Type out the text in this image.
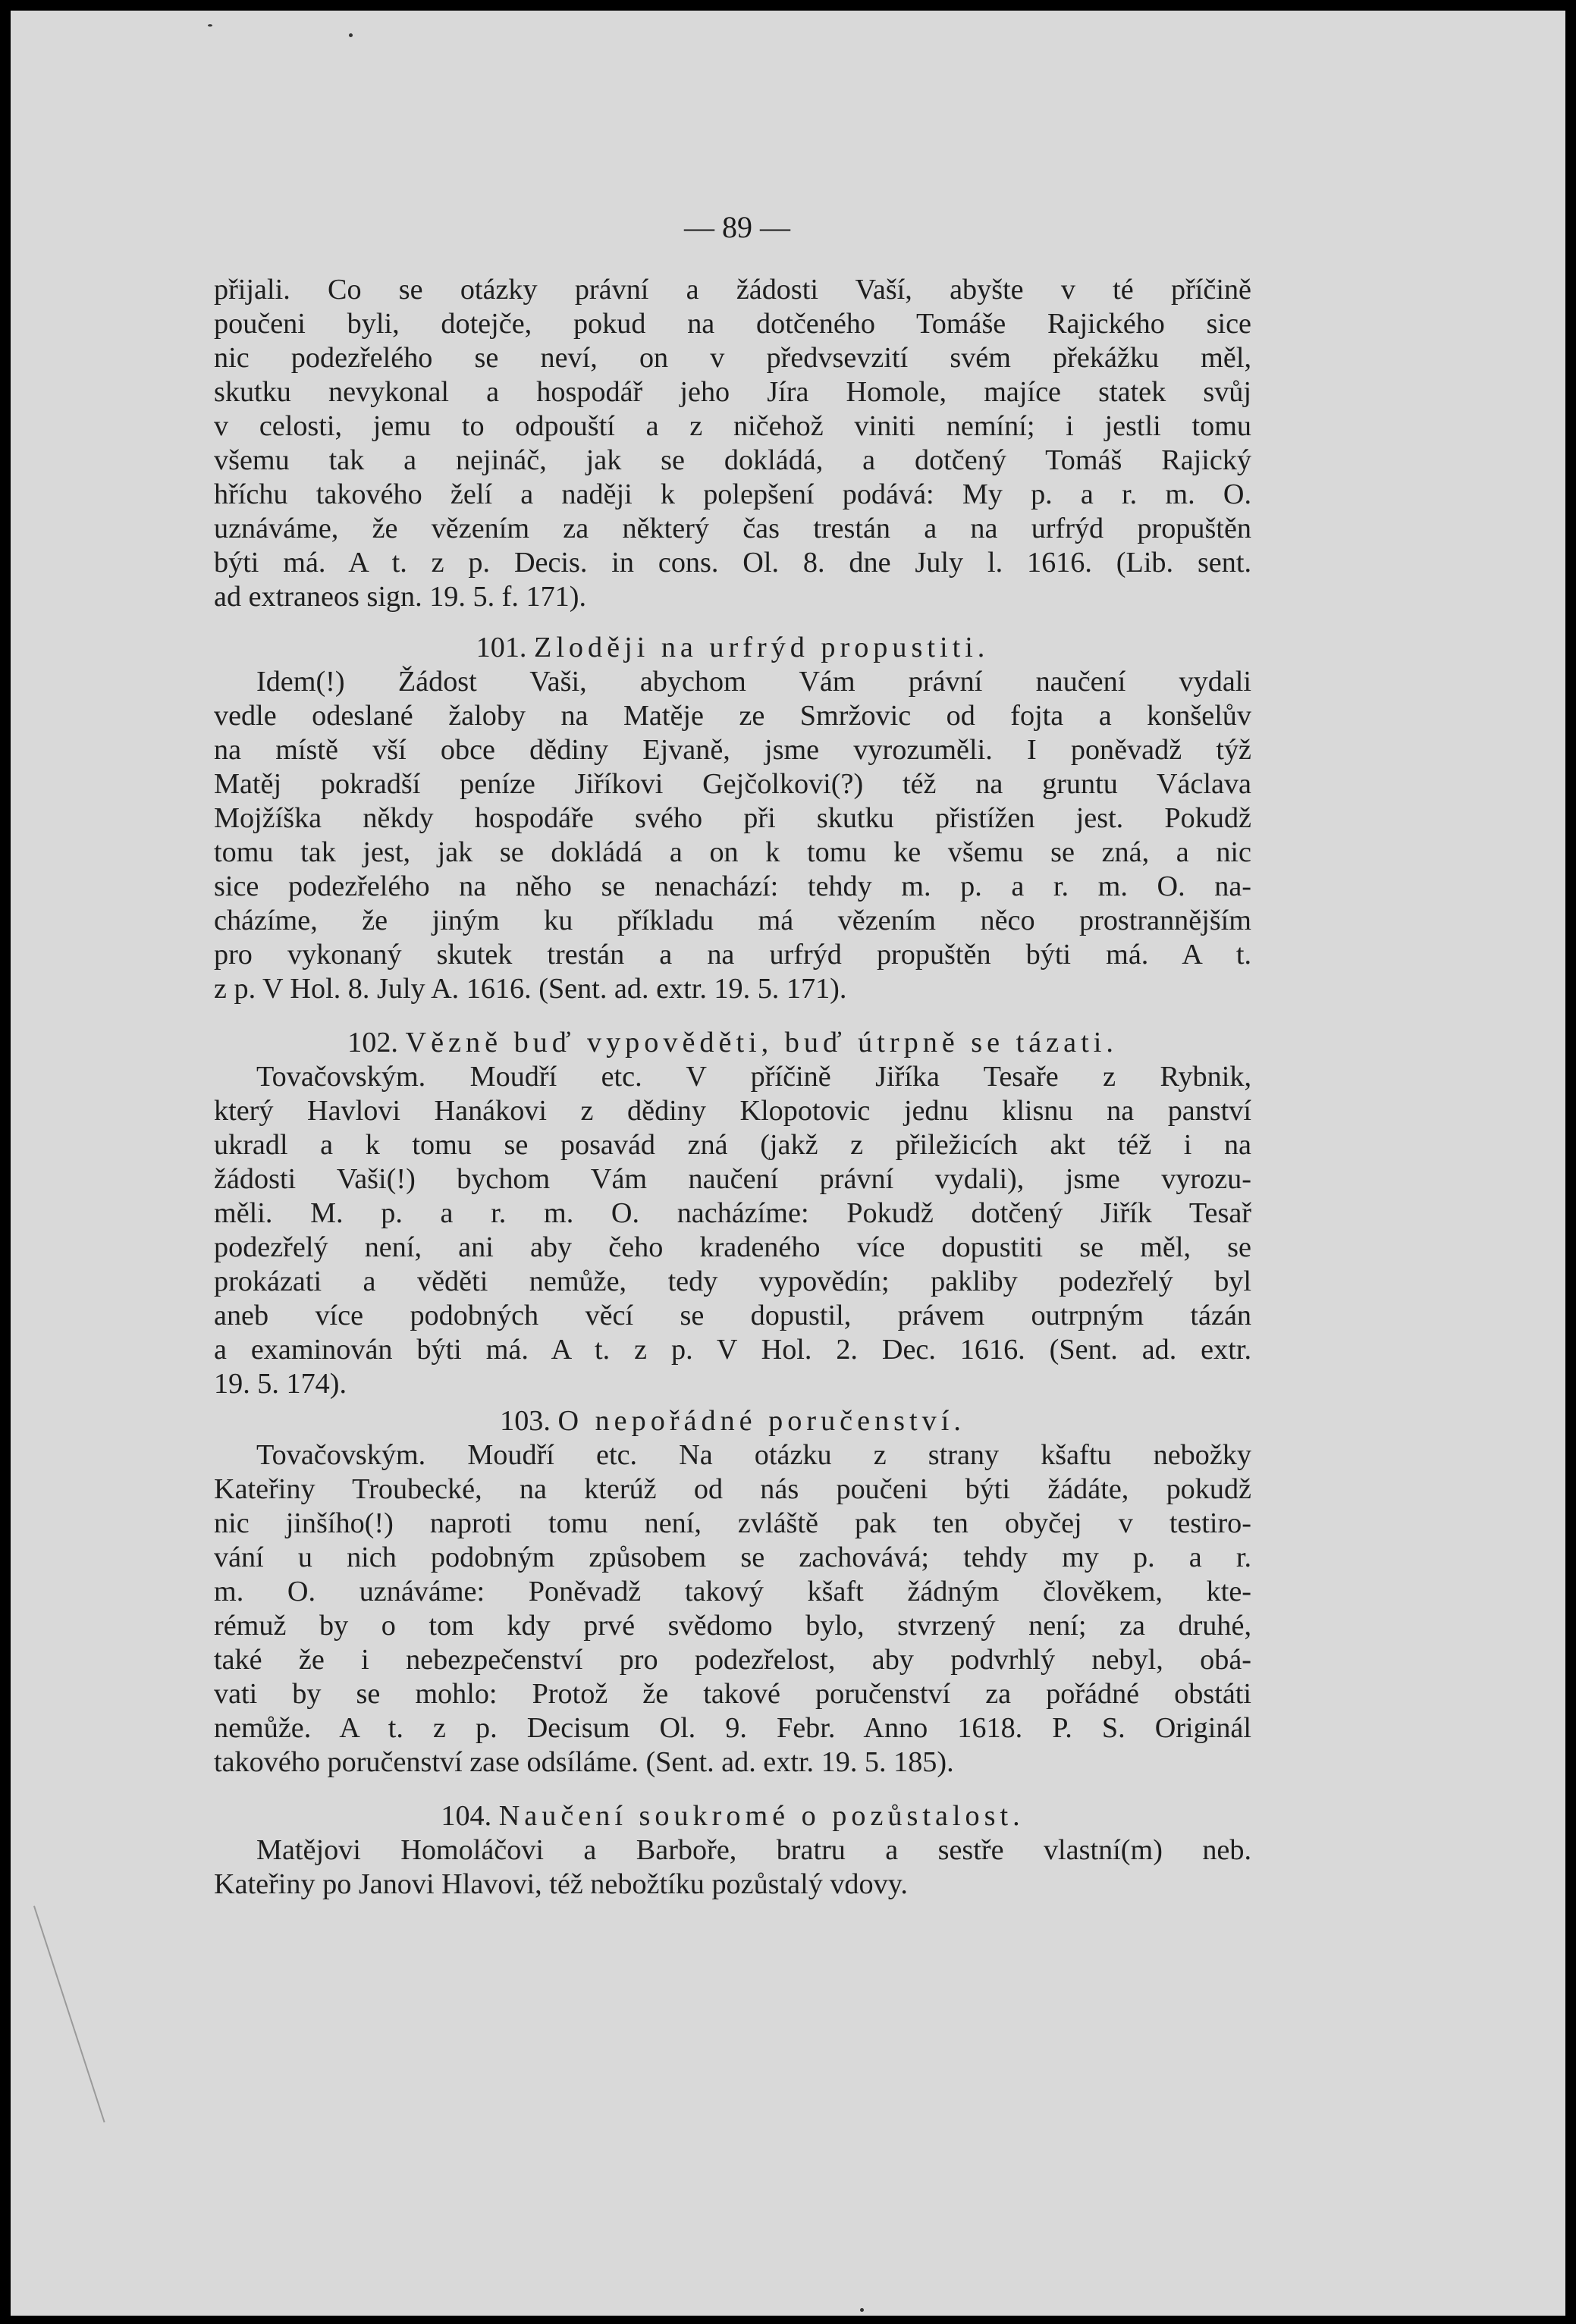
— 89 —
přijali. Co se otázky právní a žádosti Vaší, abyšte v té příčině
poučeni byli, dotejče, pokud na dotčeného Tomáše Rajického sice
nic podezřelého se neví, on v předvsevzití svém překážku měl,
skutku nevykonal a hospodář jeho Jíra Homole, majíce statek svůj
v celosti, jemu to odpouští a z ničehož viniti nemíní; i jestli tomu
všemu tak a nejináč, jak se dokládá, a dotčený Tomáš Rajický
hříchu takového želí a naději k polepšení podává: My p. a r. m. O.
uznáváme, že vězením za některý čas trestán a na urfrýd propuštěn
býti má. A t. z p. Decis. in cons. Ol. 8. dne July l. 1616. (Lib. sent.
ad extraneos sign. 19. 5. f. 171).
101. Zloději na urfrýd propustiti.
Idem(!) Žádost Vaši, abychom Vám právní naučení vydali
vedle odeslané žaloby na Matěje ze Smržovic od fojta a konšelův
na místě vší obce dědiny Ejvaně, jsme vyrozuměli. I poněvadž týž
Matěj pokradší peníze Jiříkovi Gejčolkovi(?) též na gruntu Václava
Mojžíška někdy hospodáře svého při skutku přistížen jest. Pokudž
tomu tak jest, jak se dokládá a on k tomu ke všemu se zná, a nic
sice podezřelého na něho se nenachází: tehdy m. p. a r. m. O. na-
cházíme, že jiným ku příkladu má vězením něco prostrannějším
pro vykonaný skutek trestán a na urfrýd propuštěn býti má. A t.
z p. V Hol. 8. July A. 1616. (Sent. ad. extr. 19. 5. 171).
102. Vězně buď vypověděti, buď útrpně se tázati.
Tovačovským. Moudří etc. V příčině Jiříka Tesaře z Rybnik,
který Havlovi Hanákovi z dědiny Klopotovic jednu klisnu na panství
ukradl a k tomu se posavád zná (jakž z přiležicích akt též i na
žádosti Vaši(!) bychom Vám naučení právní vydali), jsme vyrozu-
měli. M. p. a r. m. O. nacházíme: Pokudž dotčený Jiřík Tesař
podezřelý není, ani aby čeho kradeného více dopustiti se měl, se
prokázati a věděti nemůže, tedy vypovědín; pakliby podezřelý byl
aneb více podobných věcí se dopustil, právem outrpným tázán
a examinován býti má. A t. z p. V Hol. 2. Dec. 1616. (Sent. ad. extr.
19. 5. 174).
103. O nepořádné poručenství.
Tovačovským. Moudří etc. Na otázku z strany kšaftu nebožky
Kateřiny Troubecké, na kterúž od nás poučeni býti žádáte, pokudž
nic jinšího(!) naproti tomu není, zvláště pak ten obyčej v testiro-
vání u nich podobným způsobem se zachovává; tehdy my p. a r.
m. O. uznáváme: Poněvadž takový kšaft žádným člověkem, kte-
rémuž by o tom kdy prvé svědomo bylo, stvrzený není; za druhé,
také že i nebezpečenství pro podezřelost, aby podvrhlý nebyl, obá-
vati by se mohlo: Protož že takové poručenství za pořádné obstáti
nemůže. A t. z p. Decisum Ol. 9. Febr. Anno 1618. P. S. Originál
takového poručenství zase odsíláme. (Sent. ad. extr. 19. 5. 185).
104. Naučení soukromé o pozůstalost.
Matějovi Homoláčovi a Barboře, bratru a sestře vlastní(m) neb.
Kateřiny po Janovi Hlavovi, též nebožtíku pozůstalý vdovy.
